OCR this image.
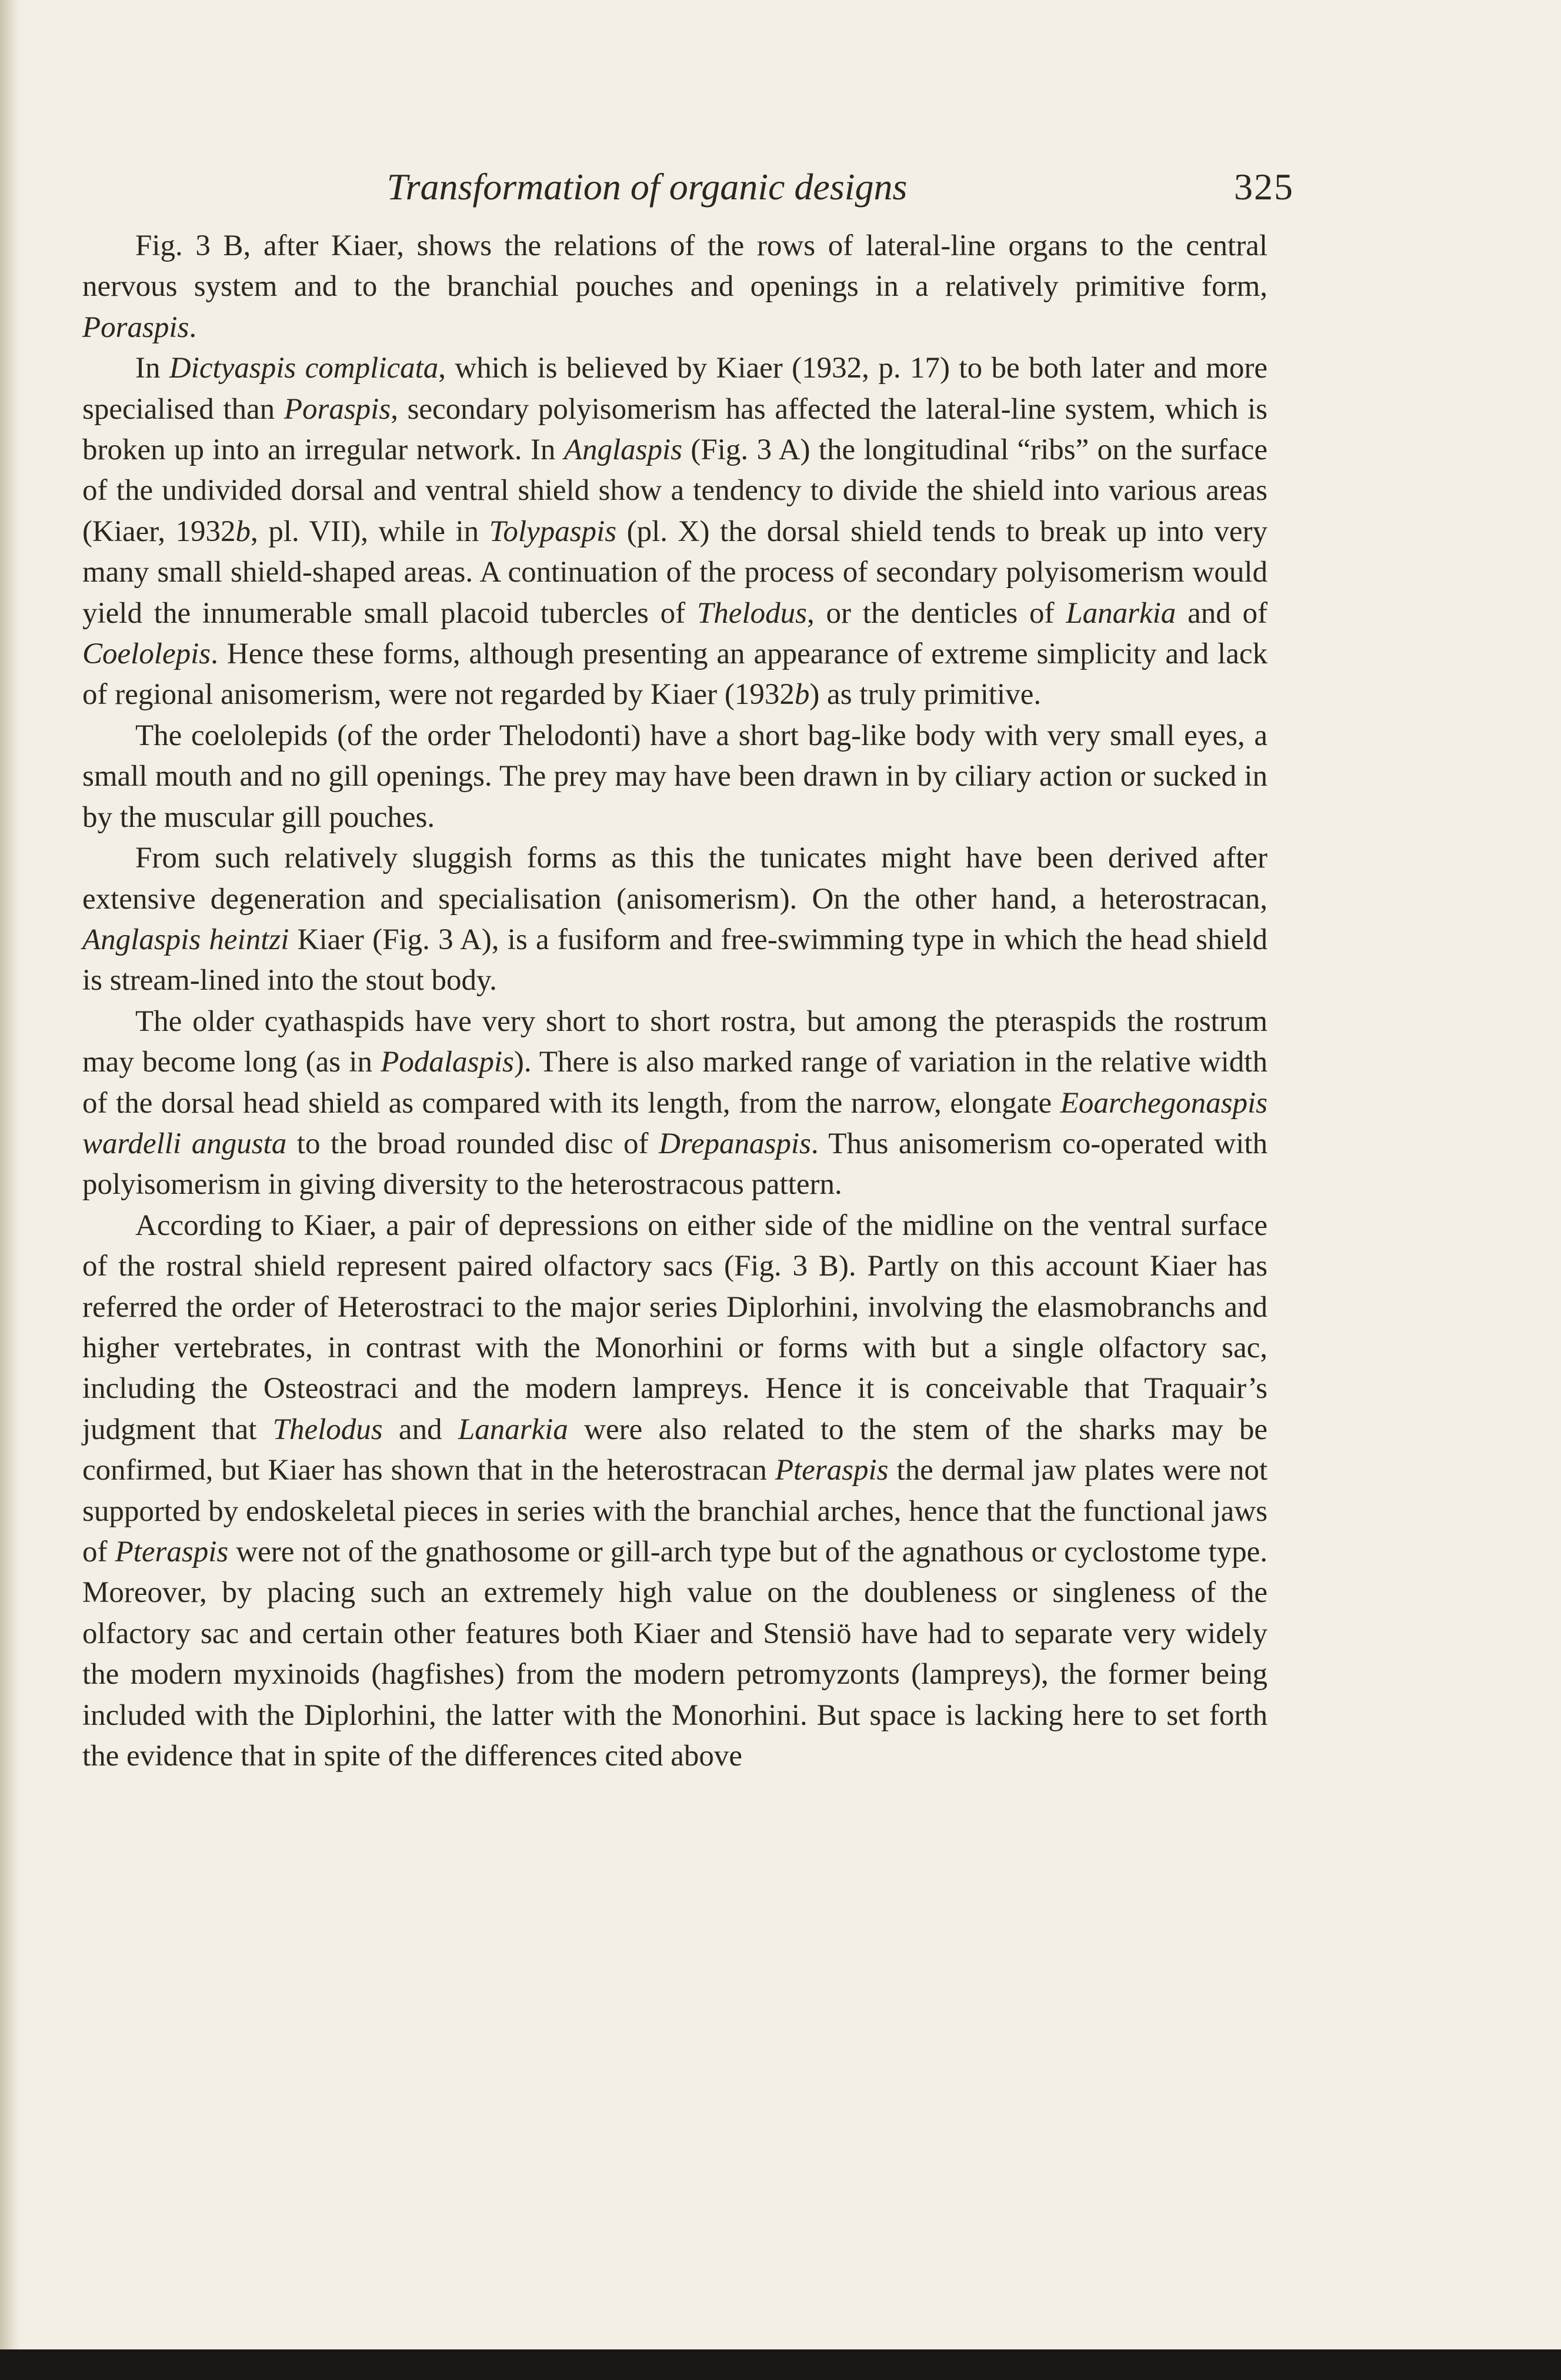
Transformation of organic designs	325

Fig. 3 B, after Kiaer, shows the relations of the rows of lateral-line organs to the central nervous system and to the branchial pouches and openings in a relatively primitive form, Poraspis.

In Dictyaspis complicata, which is believed by Kiaer (1932, p. 17) to be both later and more specialised than Poraspis, secondary polyisomerism has affected the lateral-line system, which is broken up into an irregular network. In Anglaspis (Fig. 3 A) the longitudinal “ribs” on the surface of the undivided dorsal and ventral shield show a tendency to divide the shield into various areas (Kiaer, 1932b, pl. VII), while in Tolypaspis (pl. X) the dorsal shield tends to break up into very many small shield-shaped areas. A continuation of the process of secondary polyisomerism would yield the innumerable small placoid tubercles of Thelodus, or the denticles of Lanarkia and of Coelolepis. Hence these forms, although presenting an appearance of extreme simplicity and lack of regional anisomerism, were not regarded by Kiaer (1932b) as truly primitive.

The coelolepids (of the order Thelodonti) have a short bag-like body with very small eyes, a small mouth and no gill openings. The prey may have been drawn in by ciliary action or sucked in by the muscular gill pouches.

From such relatively sluggish forms as this the tunicates might have been derived after extensive degeneration and specialisation (anisomerism). On the other hand, a heterostracan, Anglaspis heintzi Kiaer (Fig. 3 A), is a fusiform and free-swimming type in which the head shield is stream-lined into the stout body.

The older cyathaspids have very short to short rostra, but among the pteraspids the rostrum may become long (as in Podalaspis). There is also marked range of variation in the relative width of the dorsal head shield as compared with its length, from the narrow, elongate Eoarchegonaspis wardelli angusta to the broad rounded disc of Drepanaspis. Thus anisomerism co-operated with polyisomerism in giving diversity to the heterostracous pattern.

According to Kiaer, a pair of depressions on either side of the midline on the ventral surface of the rostral shield represent paired olfactory sacs (Fig. 3 B). Partly on this account Kiaer has referred the order of Heterostraci to the major series Diplorhini, involving the elasmobranchs and higher vertebrates, in contrast with the Monorhini or forms with but a single olfactory sac, including the Osteostraci and the modern lampreys. Hence it is conceivable that Traquair’s judgment that Thelodus and Lanarkia were also related to the stem of the sharks may be confirmed, but Kiaer has shown that in the heterostracan Pteraspis the dermal jaw plates were not supported by endoskeletal pieces in series with the branchial arches, hence that the functional jaws of Pteraspis were not of the gnathosome or gill-arch type but of the agnathous or cyclostome type. Moreover, by placing such an extremely high value on the doubleness or singleness of the olfactory sac and certain other features both Kiaer and Stensiö have had to separate very widely the modern myxinoids (hagfishes) from the modern petromyzonts (lampreys), the former being included with the Diplorhini, the latter with the Monorhini. But space is lacking here to set forth the evidence that in spite of the differences cited above
